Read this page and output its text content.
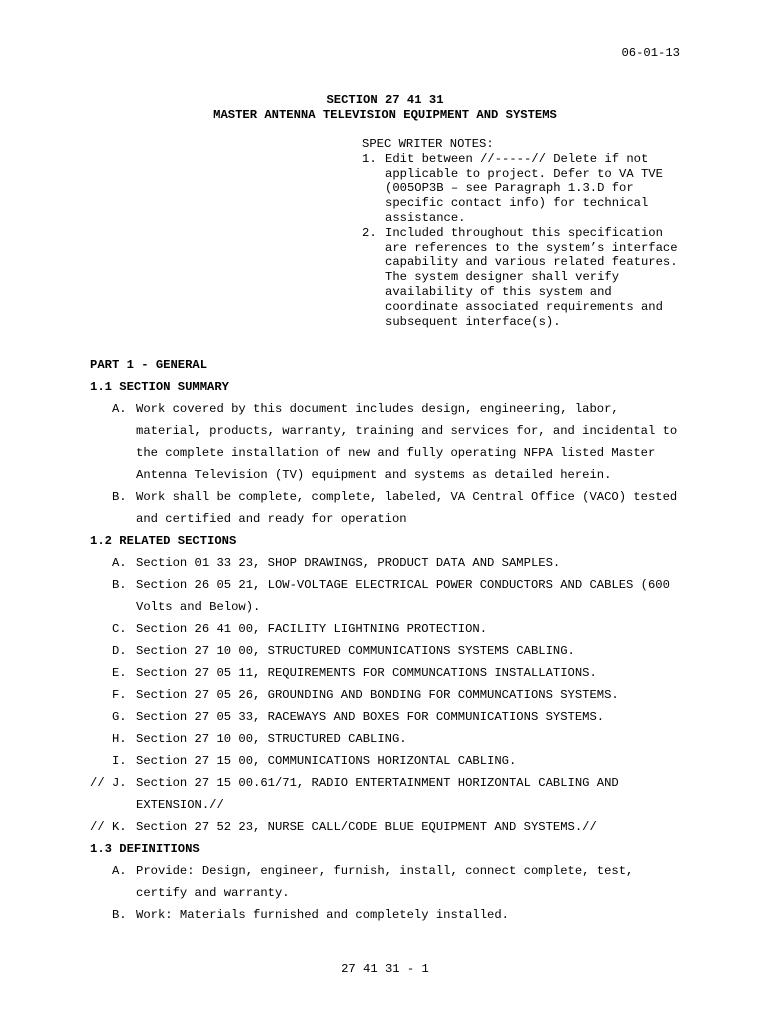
06-01-13
SECTION 27 41 31
MASTER ANTENNA TELEVISION EQUIPMENT AND SYSTEMS
SPEC WRITER NOTES:
1. Edit between //-----// Delete if not applicable to project. Defer to VA TVE (005OP3B – see Paragraph 1.3.D for specific contact info) for technical assistance.
2. Included throughout this specification are references to the system’s interface capability and various related features. The system designer shall verify availability of this system and coordinate associated requirements and subsequent interface(s).
PART 1 - GENERAL
1.1 SECTION SUMMARY
A. Work covered by this document includes design, engineering, labor, material, products, warranty, training and services for, and incidental to the complete installation of new and fully operating NFPA listed Master Antenna Television (TV) equipment and systems as detailed herein.
B. Work shall be complete, complete, labeled, VA Central Office (VACO) tested and certified and ready for operation
1.2 RELATED SECTIONS
A. Section 01 33 23, SHOP DRAWINGS, PRODUCT DATA AND SAMPLES.
B. Section 26 05 21, LOW-VOLTAGE ELECTRICAL POWER CONDUCTORS AND CABLES (600 Volts and Below).
C. Section 26 41 00, FACILITY LIGHTNING PROTECTION.
D. Section 27 10 00, STRUCTURED COMMUNICATIONS SYSTEMS CABLING.
E. Section 27 05 11, REQUIREMENTS FOR COMMUNCATIONS INSTALLATIONS.
F. Section 27 05 26, GROUNDING AND BONDING FOR COMMUNCATIONS SYSTEMS.
G. Section 27 05 33, RACEWAYS AND BOXES FOR COMMUNICATIONS SYSTEMS.
H. Section 27 10 00, STRUCTURED CABLING.
I. Section 27 15 00, COMMUNICATIONS HORIZONTAL CABLING.
// J. Section 27 15 00.61/71, RADIO ENTERTAINMENT HORIZONTAL CABLING AND EXTENSION.//
// K. Section 27 52 23, NURSE CALL/CODE BLUE EQUIPMENT AND SYSTEMS.//
1.3 DEFINITIONS
A. Provide: Design, engineer, furnish, install, connect complete, test, certify and warranty.
B. Work: Materials furnished and completely installed.
27 41 31 - 1
